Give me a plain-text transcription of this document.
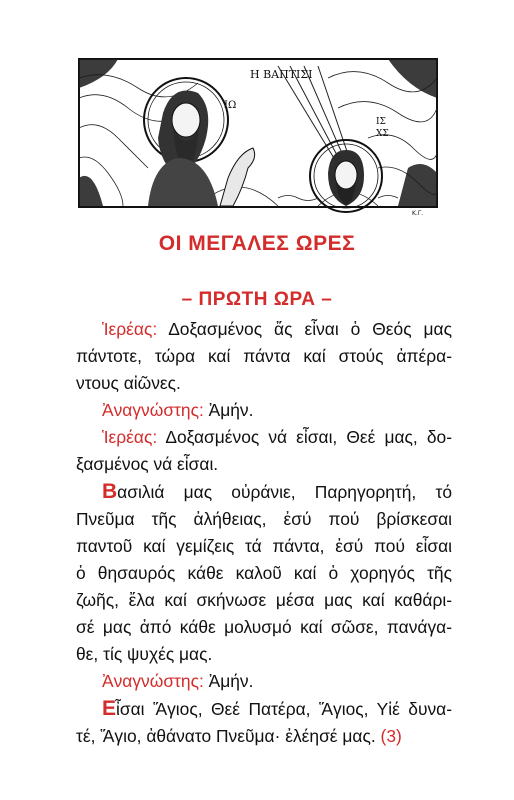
Η ΒΑΠΤΙΣΙ
ΙΩ
ΙΣ
ΧΣ
Κ.Γ.
ΟΙ ΜΕΓΑΛΕΣ ΩΡΕΣ
– ΠΡΩΤΗ ΩΡΑ –
Ἱερέας: Δοξασμένος ἄς εἶναι ὁ Θεός μας
πάντοτε, τώρα καί πάντα καί στούς ἀπέρα-
ντους αἰῶνες.
Ἀναγνώστης: Ἀμήν.
Ἱερέας: Δοξασμένος νά εἶσαι, Θεέ μας, δο-
ξασμένος νά εἶσαι.
Βασιλιά μας οὐράνιε, Παρηγορητή, τό
Πνεῦμα τῆς ἀλήθειας, ἐσύ πού βρίσκεσαι
παντοῦ καί γεμίζεις τά πάντα, ἐσύ πού εἶσαι
ὁ θησαυρός κάθε καλοῦ καί ὁ χορηγός τῆς
ζωῆς, ἔλα καί σκήνωσε μέσα μας καί καθάρι-
σέ μας ἀπό κάθε μολυσμό καί σῶσε, πανάγα-
θε, τίς ψυχές μας.
Ἀναγνώστης: Ἀμήν.
Εἶσαι Ἅγιος, Θεέ Πατέρα, Ἅγιος, Υἱέ δυνα-
τέ, Ἅγιο, ἀθάνατο Πνεῦμα· ἐλέησέ μας. (3)
